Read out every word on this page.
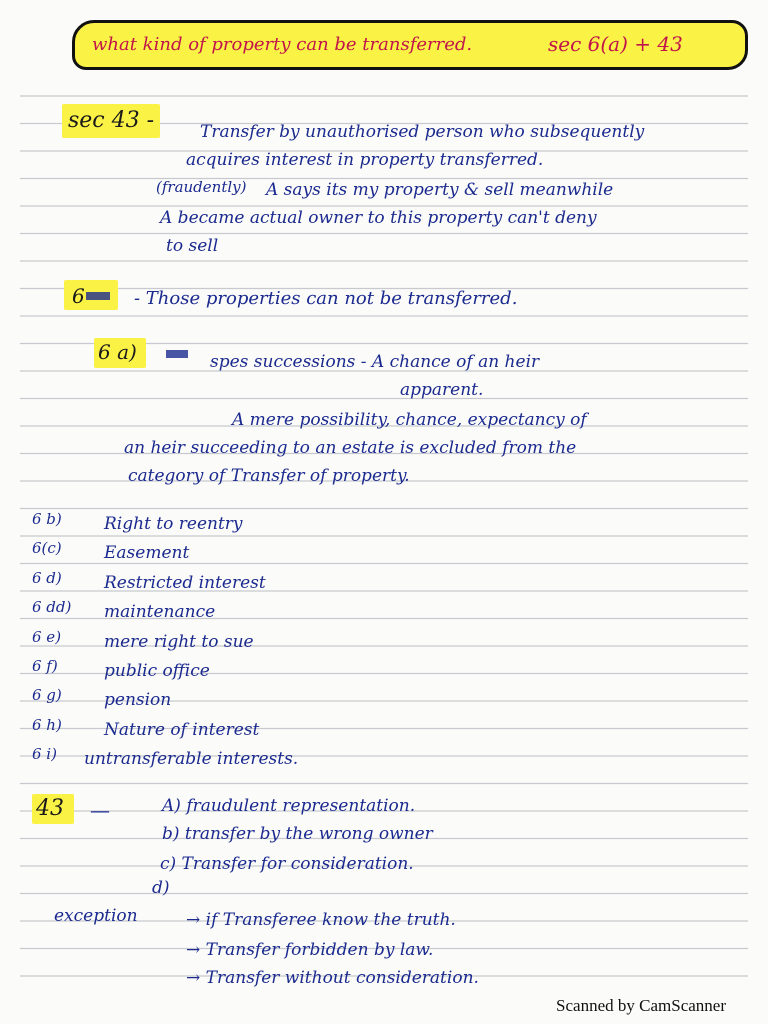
what kind of property can be transferred.	sec 6(a) + 43
sec 43 -	Transfer by unauthorised person who subsequently
acquires interest in property transferred.
(fraudently) A says its my property & sell meanwhile
A became actual owner to this property can't deny
to sell
6	- Those properties can not be transferred.
6 a)	spes successions - A chance of an heir
apparent.
A mere possibility, chance, expectancy of
an heir succeeding to an estate is excluded from the
category of Transfer of property.
6 b) Right to reentry
6(c) Easement
6 d) Restricted interest
6 dd) maintenance
6 e)	mere right to sue
6 f)	public office
6 g) pension
6 h) Nature of interest
6 i) untransferable interests.
43 —	A) fraudulent representation.
b) transfer by the wrong owner
c) Transfer for consideration.
d)
exception	→ if Transferee know the truth.
→ Transfer forbidden by law.
→ Transfer without consideration.
Scanned by CamScanner
